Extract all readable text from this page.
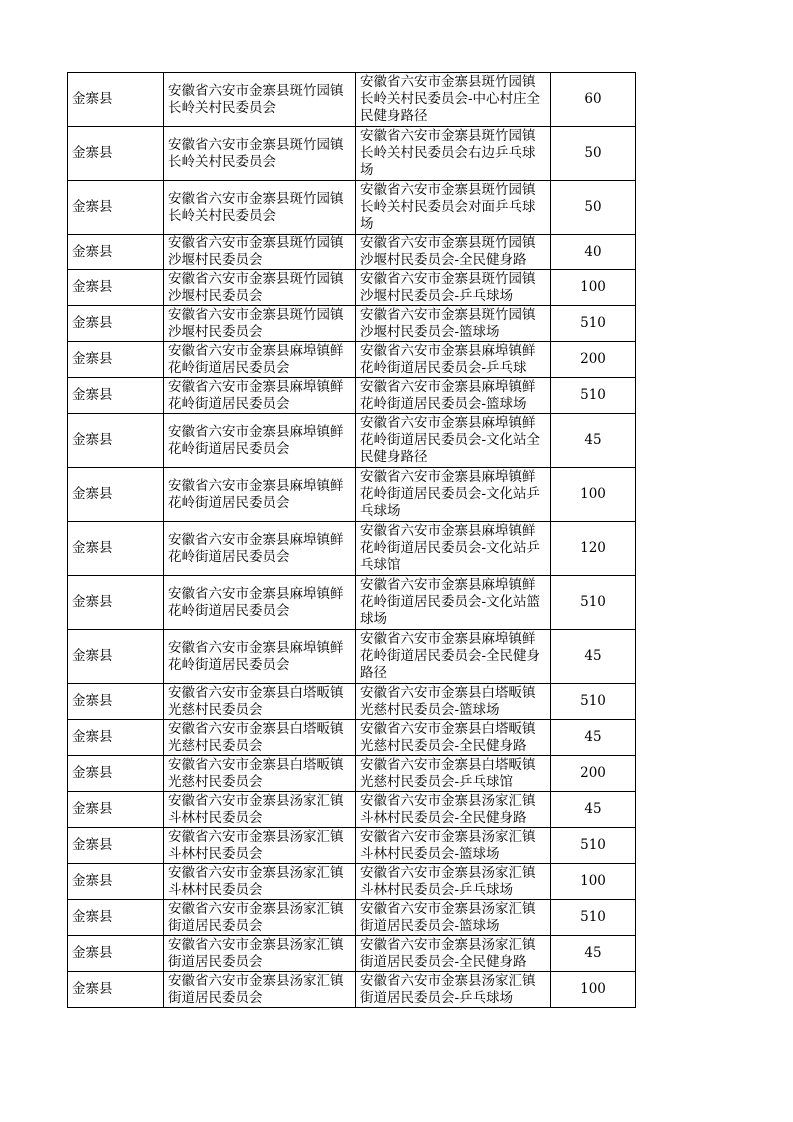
金寨县	安徽省六安市金寨县斑竹园镇长岭关村民委员会	安徽省六安市金寨县斑竹园镇长岭关村民委员会-中心村庄全民健身路径	60
金寨县	安徽省六安市金寨县斑竹园镇长岭关村民委员会	安徽省六安市金寨县斑竹园镇长岭关村民委员会右边乒乓球场	50
金寨县	安徽省六安市金寨县斑竹园镇长岭关村民委员会	安徽省六安市金寨县斑竹园镇长岭关村民委员会对面乒乓球场	50
金寨县	安徽省六安市金寨县斑竹园镇沙堰村民委员会	安徽省六安市金寨县斑竹园镇沙堰村民委员会-全民健身路	40
金寨县	安徽省六安市金寨县斑竹园镇沙堰村民委员会	安徽省六安市金寨县斑竹园镇沙堰村民委员会-乒乓球场	100
金寨县	安徽省六安市金寨县斑竹园镇沙堰村民委员会	安徽省六安市金寨县斑竹园镇沙堰村民委员会-篮球场	510
金寨县	安徽省六安市金寨县麻埠镇鲜花岭街道居民委员会	安徽省六安市金寨县麻埠镇鲜花岭街道居民委员会-乒乓球	200
金寨县	安徽省六安市金寨县麻埠镇鲜花岭街道居民委员会	安徽省六安市金寨县麻埠镇鲜花岭街道居民委员会-篮球场	510
金寨县	安徽省六安市金寨县麻埠镇鲜花岭街道居民委员会	安徽省六安市金寨县麻埠镇鲜花岭街道居民委员会-文化站全民健身路径	45
金寨县	安徽省六安市金寨县麻埠镇鲜花岭街道居民委员会	安徽省六安市金寨县麻埠镇鲜花岭街道居民委员会-文化站乒乓球场	100
金寨县	安徽省六安市金寨县麻埠镇鲜花岭街道居民委员会	安徽省六安市金寨县麻埠镇鲜花岭街道居民委员会-文化站乒乓球馆	120
金寨县	安徽省六安市金寨县麻埠镇鲜花岭街道居民委员会	安徽省六安市金寨县麻埠镇鲜花岭街道居民委员会-文化站篮球场	510
金寨县	安徽省六安市金寨县麻埠镇鲜花岭街道居民委员会	安徽省六安市金寨县麻埠镇鲜花岭街道居民委员会-全民健身路径	45
金寨县	安徽省六安市金寨县白塔畈镇光慈村民委员会	安徽省六安市金寨县白塔畈镇光慈村民委员会-篮球场	510
金寨县	安徽省六安市金寨县白塔畈镇光慈村民委员会	安徽省六安市金寨县白塔畈镇光慈村民委员会-全民健身路	45
金寨县	安徽省六安市金寨县白塔畈镇光慈村民委员会	安徽省六安市金寨县白塔畈镇光慈村民委员会-乒乓球馆	200
金寨县	安徽省六安市金寨县汤家汇镇斗林村民委员会	安徽省六安市金寨县汤家汇镇斗林村民委员会-全民健身路	45
金寨县	安徽省六安市金寨县汤家汇镇斗林村民委员会	安徽省六安市金寨县汤家汇镇斗林村民委员会-篮球场	510
金寨县	安徽省六安市金寨县汤家汇镇斗林村民委员会	安徽省六安市金寨县汤家汇镇斗林村民委员会-乒乓球场	100
金寨县	安徽省六安市金寨县汤家汇镇街道居民委员会	安徽省六安市金寨县汤家汇镇街道居民委员会-篮球场	510
金寨县	安徽省六安市金寨县汤家汇镇街道居民委员会	安徽省六安市金寨县汤家汇镇街道居民委员会-全民健身路	45
金寨县	安徽省六安市金寨县汤家汇镇街道居民委员会	安徽省六安市金寨县汤家汇镇街道居民委员会-乒乓球场	100
